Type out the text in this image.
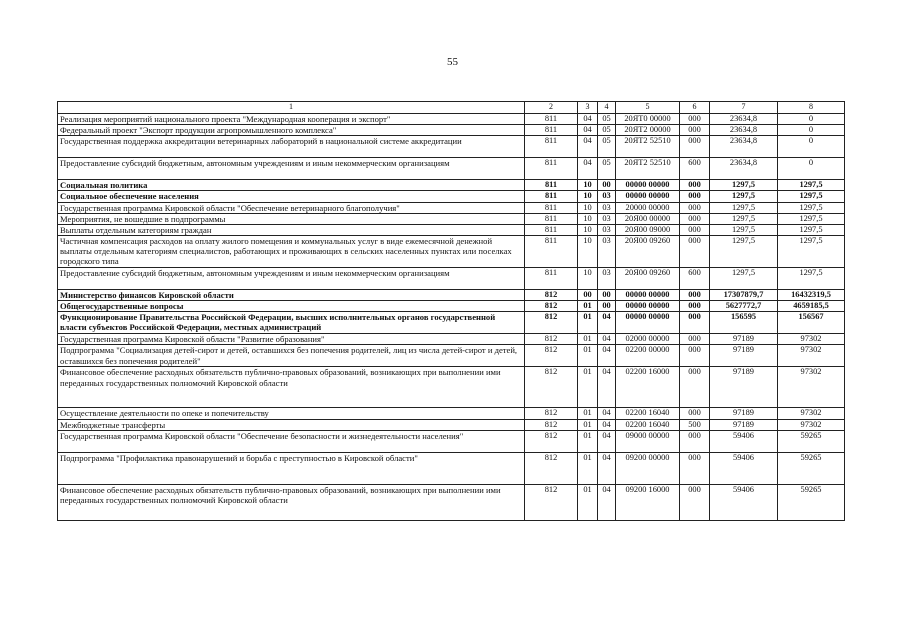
55
1	2	3	4	5	6	7	8
Реализация мероприятий национального проекта "Международная кооперация и экспорт"	811	04	05	20ЯТ0 00000	000	23634,8	0
Федеральный проект "Экспорт продукции агропромышленного комплекса"	811	04	05	20ЯТ2 00000	000	23634,8	0
Государственная поддержка аккредитации ветеринарных лабораторий в национальной системе аккредитации	811	04	05	20ЯТ2 52510	000	23634,8	0
Предоставление субсидий бюджетным, автономным учреждениям и иным некоммерческим организациям	811	04	05	20ЯТ2 52510	600	23634,8	0
Социальная политика	811	10	00	00000 00000	000	1297,5	1297,5
Социальное обеспечение населения	811	10	03	00000 00000	000	1297,5	1297,5
Государственная программа Кировской области "Обеспечение ветеринарного благополучия"	811	10	03	20000 00000	000	1297,5	1297,5
Мероприятия, не вошедшие в подпрограммы	811	10	03	20Я00 00000	000	1297,5	1297,5
Выплаты отдельным категориям граждан	811	10	03	20Я00 09000	000	1297,5	1297,5
Частичная компенсация расходов на оплату жилого помещения и коммунальных услуг в виде ежемесячной денежной выплаты отдельным категориям специалистов, работающих и проживающих в сельских населенных пунктах или поселках городского типа	811	10	03	20Я00 09260	000	1297,5	1297,5
Предоставление субсидий бюджетным, автономным учреждениям и иным некоммерческим организациям	811	10	03	20Я00 09260	600	1297,5	1297,5
Министерство финансов Кировской области	812	00	00	00000 00000	000	17307879,7	16432319,5
Общегосударственные вопросы	812	01	00	00000 00000	000	5627772,7	4659185,5
Функционирование Правительства Российской Федерации, высших исполнительных органов государственной власти субъектов Российской Федерации, местных администраций	812	01	04	00000 00000	000	156595	156567
Государственная программа Кировской области "Развитие образования"	812	01	04	02000 00000	000	97189	97302
Подпрограмма "Социализация детей-сирот и детей, оставшихся без попечения родителей, лиц из числа детей-сирот и детей, оставшихся без попечения родителей"	812	01	04	02200 00000	000	97189	97302
Финансовое обеспечение расходных обязательств публично-правовых образований, возникающих при выполнении ими переданных государственных полномочий Кировской области	812	01	04	02200 16000	000	97189	97302
Осуществление деятельности по опеке и попечительству	812	01	04	02200 16040	000	97189	97302
Межбюджетные трансферты	812	01	04	02200 16040	500	97189	97302
Государственная программа Кировской области "Обеспечение безопасности и жизнедеятельности населения"	812	01	04	09000 00000	000	59406	59265
Подпрограмма "Профилактика правонарушений и борьба с преступностью в Кировской области"	812	01	04	09200 00000	000	59406	59265
Финансовое обеспечение расходных обязательств публично-правовых образований, возникающих при выполнении ими переданных государственных полномочий Кировской области	812	01	04	09200 16000	000	59406	59265
